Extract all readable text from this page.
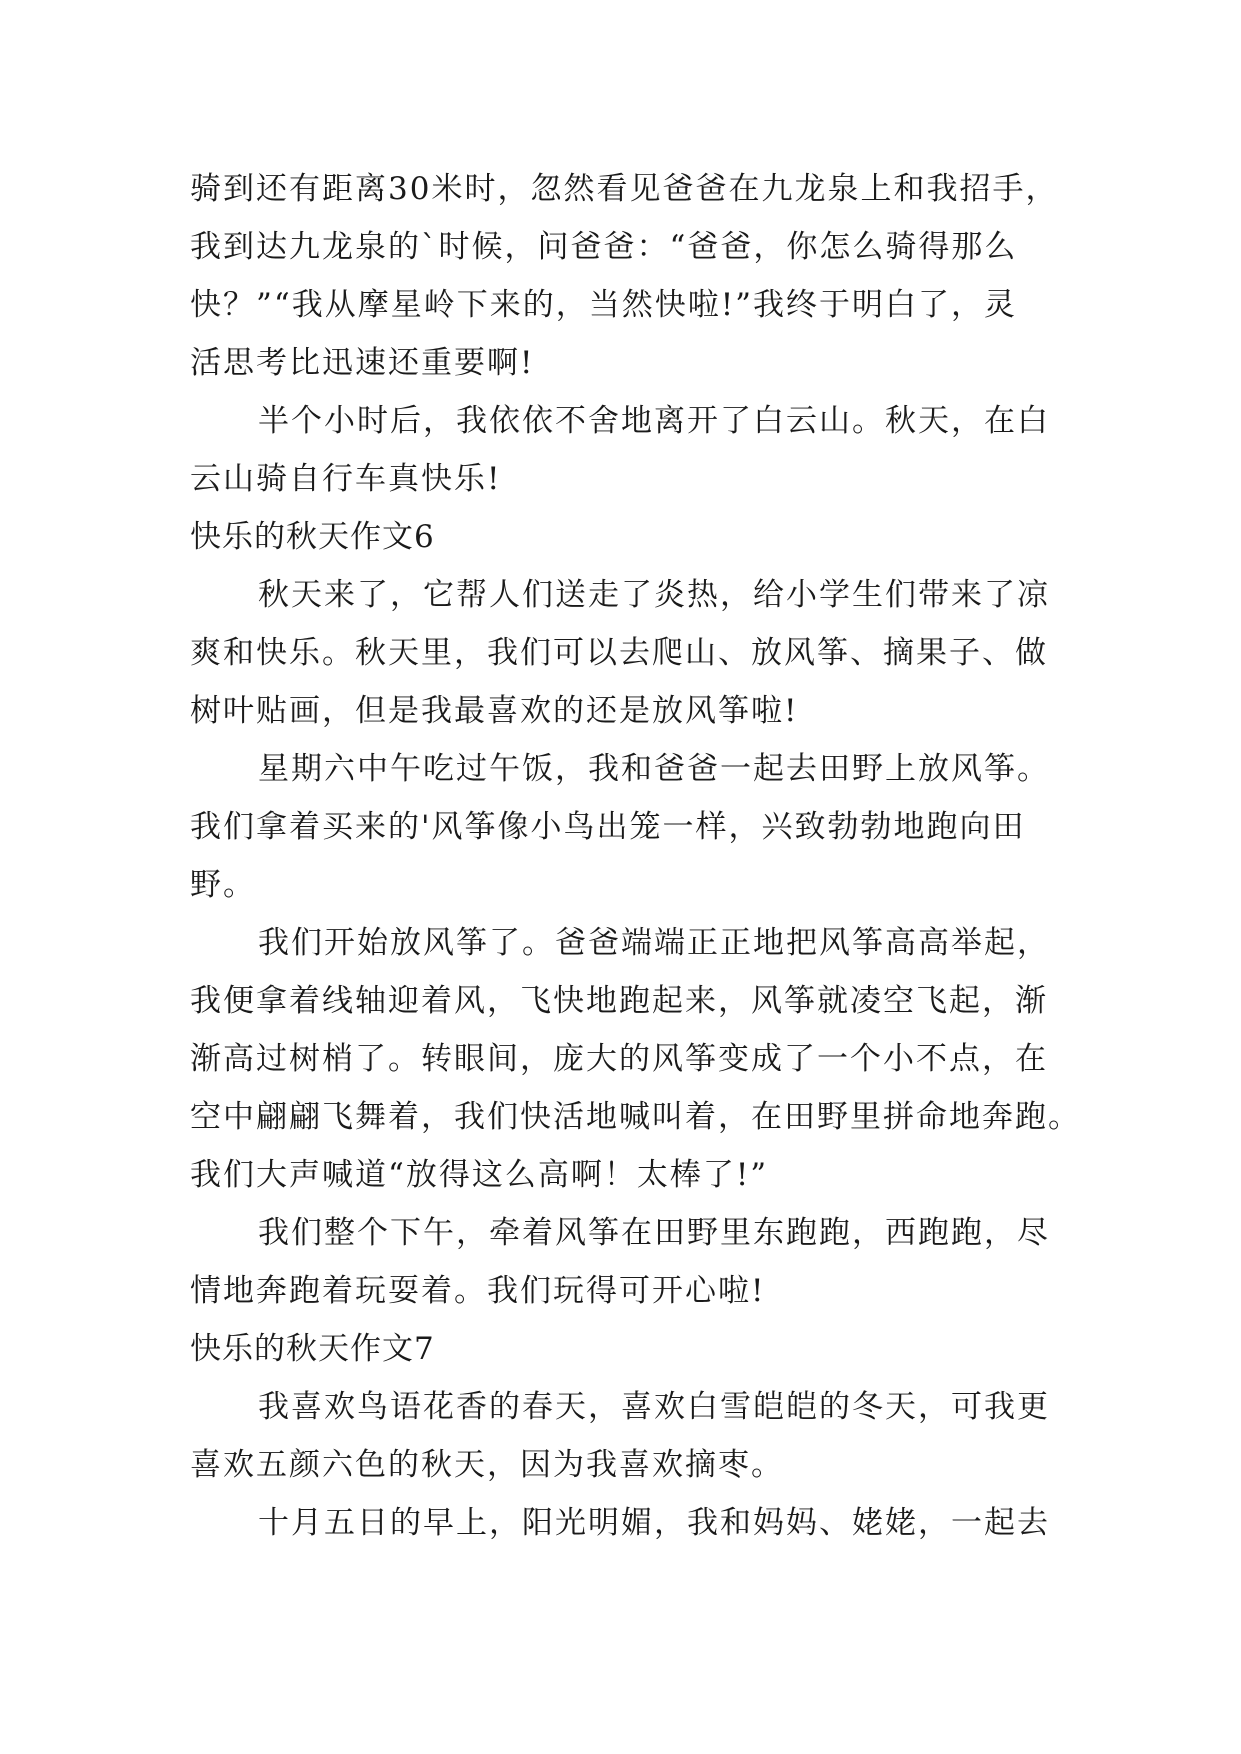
骑到还有距离30米时，忽然看见爸爸在九龙泉上和我招手，
我到达九龙泉的`时候，问爸爸：“爸爸，你怎么骑得那么
快？”“我从摩星岭下来的，当然快啦!”我终于明白了，灵
活思考比迅速还重要啊!
半个小时后，我依依不舍地离开了白云山。秋天，在白
云山骑自行车真快乐!
快乐的秋天作文6
秋天来了，它帮人们送走了炎热，给小学生们带来了凉
爽和快乐。秋天里，我们可以去爬山、放风筝、摘果子、做
树叶贴画，但是我最喜欢的还是放风筝啦!
星期六中午吃过午饭，我和爸爸一起去田野上放风筝。
我们拿着买来的'风筝像小鸟出笼一样，兴致勃勃地跑向田
野。
我们开始放风筝了。爸爸端端正正地把风筝高高举起，
我便拿着线轴迎着风，飞快地跑起来，风筝就凌空飞起，渐
渐高过树梢了。转眼间，庞大的风筝变成了一个小不点，在
空中翩翩飞舞着，我们快活地喊叫着，在田野里拼命地奔跑。
我们大声喊道“放得这么高啊！太棒了!”
我们整个下午，牵着风筝在田野里东跑跑，西跑跑，尽
情地奔跑着玩耍着。我们玩得可开心啦!
快乐的秋天作文7
我喜欢鸟语花香的春天，喜欢白雪皑皑的冬天，可我更
喜欢五颜六色的秋天，因为我喜欢摘枣。
十月五日的早上，阳光明媚，我和妈妈、姥姥，一起去
